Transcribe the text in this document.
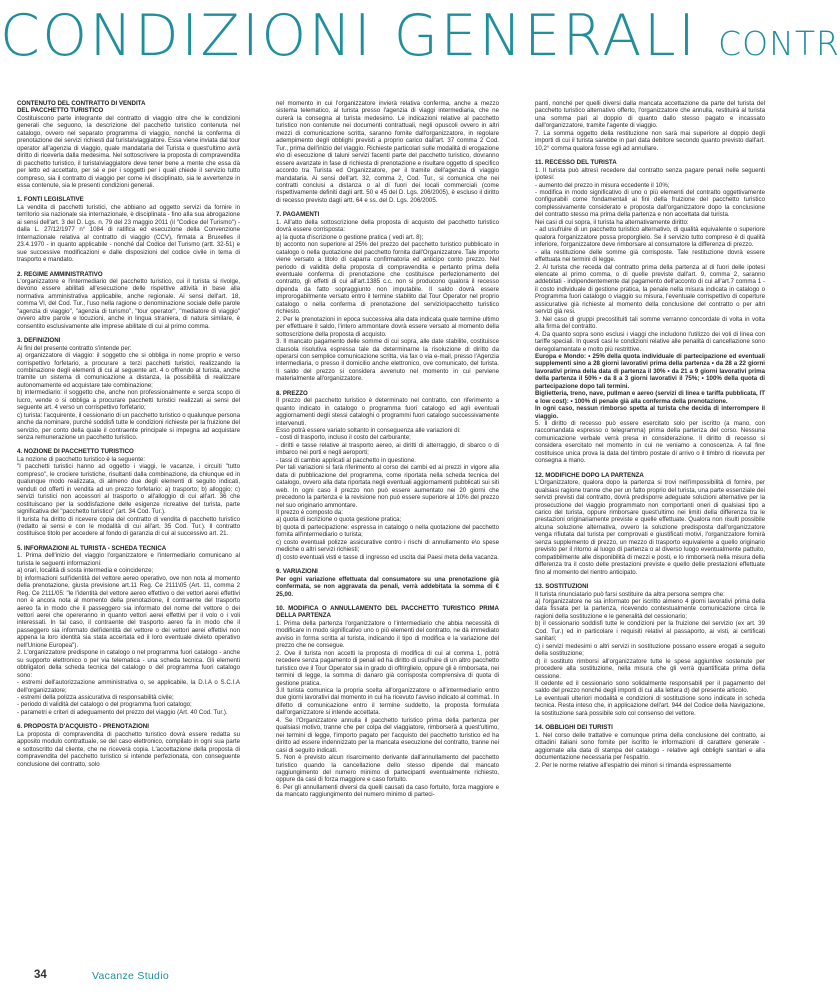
CONDIZIONI GENERALI CONTR
CONTENUTO DEL CONTRATTO DI VENDITA
DEL PACCHETTO TURISTICO
Costituiscono parte integrante del contratto di viaggio oltre che le condizioni generali che seguono, la descrizione del pacchetto turistico contenuta nel catalogo, ovvero nel separato programma di viaggio, nonché la conferma di prenotazione dei servizi richiesti dal turista\viaggiatore. Essa viene inviata dal tour operator all'agenzia di viaggio, quale mandataria del Turista e quest'ultimo avrà diritto di riceverla dalla medesima. Nel sottoscrivere la proposta di compravendita di pacchetto turistico, il turista\viaggiatore deve tener bene a mente che essa dà per letto ed accettato, per sé e per i soggetti per i quali chiede il servizio tutto compreso, sia il contratto di viaggio per come ivi disciplinato, sia le avvertenze in essa contenute, sia le presenti condizioni generali.
1. FONTI LEGISLATIVE
La vendita di pacchetti turistici, che abbiano ad oggetto servizi da fornire in territorio sia nazionale sia internazionale, è disciplinata - fino alla sua abrogazione ai sensi dell'art. 3 del D. Lgs. n. 79 del 23 maggio 2011 (il "Codice del Turismo") - dalla L. 27/12/1977 n° 1084 di ratifica ed esecuzione della Convenzione Internazionale relativa al contratto di viaggio (CCV), firmata a Bruxelles il 23.4.1970 - in quanto applicabile - nonché dal Codice del Turismo (artt. 32-51) e sue successive modificazioni e dalle disposizioni del codice civile in tema di trasporto e mandato.
2. REGIME AMMINISTRATIVO
L'organizzatore e l'intermediario del pacchetto turistico, cui il turista si rivolge, devono essere abilitati all'esecuzione delle rispettive attività in base alla normativa amministrativa applicabile, anche regionale. Ai sensi dell'art. 18, comma VI, del Cod. Tur., l'uso nella ragione o denominazione sociale delle parole "agenzia di viaggio", "agenzia di turismo", "tour operator", "mediatore di viaggio" ovvero altre parole e locuzioni, anche in lingua straniera, di natura similare, è consentito esclusivamente alle imprese abilitate di cui al primo comma.
3. DEFINIZIONI
Ai fini del presente contratto s'intende per:
a) organizzatore di viaggio: il soggetto che si obbliga in nome proprio e verso corrispettivo forfetario, a procurare a terzi pacchetti turistici, realizzando la combinazione degli elementi di cui al seguente art. 4 o offrendo al turista, anche tramite un sistema di comunicazione a distanza, la possibilità di realizzare autonomamente ed acquistare tale combinazione;
b) intermediario: il soggetto che, anche non professionalmente e senza scopo di lucro, vende o si obbliga a procurare pacchetti turistici realizzati ai sensi del seguente art. 4 verso un corrispettivo forfetario;
c) turista: l'acquirente, il cessionario di un pacchetto turistico o qualunque persona anche da nominare, purché soddisfi tutte le condizioni richieste per la fruizione del servizio, per conto della quale il contraente principale si impegna ad acquistare senza remunerazione un pacchetto turistico.
4. NOZIONE DI PACCHETTO TURISTICO
La nozione di pacchetto turistico è la seguente:
"I pacchetti turistici hanno ad oggetto i viaggi, le vacanze, i circuiti "tutto compreso", le crociere turistiche, risultanti dalla combinazione, da chiunque ed in qualunque modo realizzata, di almeno due degli elementi di seguito indicati, venduti od offerti in vendita ad un prezzo forfetario: a) trasporto; b) alloggio; c) servizi turistici non accessori al trasporto o all'alloggio di cui all'art. 36 che costituiscano per la soddisfazione delle esigenze ricreative del turista, parte significativa del "pacchetto turistico" (art. 34 Cod. Tur.).
Il turista ha diritto di ricevere copia del contratto di vendita di pacchetto turistico (redatto ai sensi e con le modalità di cui all'art. 35 Cod. Tur.). Il contratto costituisce titolo per accedere al fondo di garanzia di cui al successivo art. 21.
5. INFORMAZIONI AL TURISTA - SCHEDA TECNICA
1. Prima dell'inizio del viaggio l'organizzatore e l'intermediario comunicano al turista le seguenti informazioni:
a) orari, località di sosta intermedia e coincidenze;
b) informazioni sull'identità del vettore aereo operativo, ove non nota al momento della prenotazione, giusta previsione art.11 Reg. Ce 2111\05 (Art. 11, comma 2 Reg. Ce 2111/05: "le l'identità del vettore aereo effettivo o dei vettori aerei effettivi non è ancora nota al momento della prenotazione, il contraente del trasporto aereo fa in modo che il passeggero sia informato del nome del vettore o dei vettori aerei che opereranno in quanto vettori aerei effettivi per il volo o i voli interessati. In tal caso, il contraente del trasporto aereo fa in modo che il passeggero sia informato dell'identità del vettore o dei vettori aerei effettivi non appena la loro identità sia stata accertata ed il loro eventuale divieto operativo nell'Unione Europea").
2. L'organizzatore predispone in catalogo o nel programma fuori catalogo - anche su supporto elettronico o per via telematica - una scheda tecnica. Gli elementi obbligatori della scheda tecnica del catalogo o del programma fuori catalogo sono:
- estremi dell'autorizzazione amministrativa o, se applicabile, la D.I.A o S.C.I.A dell'organizzatore;
- estremi della polizza assicurativa di responsabilità civile;
- periodo di validità del catalogo o del programma fuori catalogo;
- parametri e criteri di adeguamento del prezzo del viaggio (Art. 40 Cod. Tur.).
6. PROPOSTA D'ACQUISTO - PRENOTAZIONI
La proposta di compravendita di pacchetto turistico dovrà essere redatta su apposito modulo contrattuale, se del caso elettronico, compilato in ogni sua parte e sottoscritto dal cliente, che ne riceverà copia. L'accettazione della proposta di compravendita del pacchetto turistico si intende perfezionata, con conseguente conclusione del contratto, solo
nel momento in cui l'organizzatore invierà relativa conferma, anche a mezzo sistema telematico, al turista presso l'agenzia di viaggi intermediaria, che ne curerà la consegna al turista medesimo. Le indicazioni relative al pacchetto turistico non contenute nei documenti contrattuali, negli opuscoli ovvero in altri mezzi di comunicazione scritta, saranno fornite dall'organizzatore, in regolare adempimento degli obblighi previsti a proprio carico dall'art. 37 comma 2 Cod. Tur., prima dell'inizio del viaggio. Richieste particolari sulle modalità di erogazione e\o di esecuzione di taluni servizi facenti parte del pacchetto turistico, dovranno essere avanzate in fase di richiesta di prenotazione e risultare oggetto di specifico accordo tra Turista ed Organizzatore, per il tramite dell'agenzia di viaggio mandataria. Ai sensi dell'art. 32, comma 2, Cod. Tur., si comunica che nei contratti conclusi a distanza o al di fuori dei locali commerciali (come rispettivamente definiti dagli artt. 50 e 45 del D. Lgs. 206/2005), è escluso il diritto di recesso previsto dagli artt. 64 e ss. del D. Lgs. 206/2005.
7. PAGAMENTI
1. All'atto della sottoscrizione della proposta di acquisto del pacchetto turistico dovrà essere corrisposta:
a) la quota d'iscrizione o gestione pratica ( vedi art. 8);
b) acconto non superiore al 25% del prezzo del pacchetto turistico pubblicato in catalogo o nella quotazione del pacchetto fornita dall'Organizzatore. Tale importo viene versato a titolo di caparra confirmatoria ed anticipo conto prezzo. Nel periodo di validità della proposta di compravendita e pertanto prima della eventuale conferma di prenotazione che costituisce perfezionamento del contratto, gli effetti di cui all'art.1385 c.c. non si producono qualora il recesso dipenda da fatto sopraggiunto non imputabile. Il saldo dovrà essere improrogabilmente versato entro il termine stabilito dal Tour Operator nel proprio catalogo o nella conferma di prenotazione del servizio\pacchetto turistico richiesto.
2. Per le prenotazioni in epoca successiva alla data indicata quale termine ultimo per effettuare il saldo, l'intero ammontare dovrà essere versato al momento della sottoscrizione della proposta di acquisto.
3. Il mancato pagamento delle somme di cui sopra, alle date stabilite, costituisce clausola risolutiva espressa tale da determinarne la risoluzione di diritto da operarsi con semplice comunicazione scritta, via fax o via e-mail, presso l'Agenzia intermediaria, o presso il domicilio anche elettronico, ove comunicato, del turista. Il saldo del prezzo si considera avvenuto nel momento in cui perviene materialmente all'organizzatore.
8. PREZZO
Il prezzo del pacchetto turistico è determinato nel contratto, con riferimento a quanto indicato in catalogo o programma fuori catalogo ed agli eventuali aggiornamenti degli stessi cataloghi o programmi fuori catalogo successivamente intervenuti.
Esso potrà essere variato soltanto in conseguenza alle variazioni di:
- costi di trasporto, incluso il costo del carburante;
- diritti e tasse relative al trasporto aereo, ai diritti di atterraggio, di sbarco o di imbarco nei porti e negli aeroporti;
- tassi di cambio applicati al pacchetto in questione.
Per tali variazioni si farà riferimento al corso dei cambi ed ai prezzi in vigore alla data di pubblicazione del programma, come riportata nella scheda tecnica del catalogo, ovvero alla data riportata negli eventuali aggiornamenti pubblicati sui siti web. In ogni caso il prezzo non può essere aumentato nei 20 giorni che precedono la partenza e la revisione non può essere superiore al 10% del prezzo nel suo originario ammontare.
Il prezzo è composto da:
a) quota di iscrizione o quota gestione pratica;
b) quota di partecipazione: espressa in catalogo o nella quotazione del pacchetto fornita all'intermediario o turista;
c) costo eventuali polizze assicurative contro i rischi di annullamento e\o spese mediche o altri servizi richiesti;
d) costo eventuali visti e tasse di ingresso ed uscita dai Paesi meta della vacanza.
9. VARIAZIONI
Per ogni variazione effettuata dal consumatore su una prenotazione già confermata, se non aggravata da penali, verrà addebitata la somma di € 25,00.
10. MODIFICA O ANNULLAMENTO DEL PACCHETTO TURISTICO PRIMA DELLA PARTENZA
1. Prima della partenza l'organizzatore o l'intermediario che abbia necessità di modificare in modo significativo uno o più elementi del contratto, ne dà immediato avviso in forma scritta al turista, indicando il tipo di modifica e la variazione del prezzo che ne consegue.
2. Ove il turista non accetti la proposta di modifica di cui al comma 1, potrà recedere senza pagamento di penali ed ha diritto di usufruire di un altro pacchetto turistico ove il Tour Operator sia in grado di offrirglielo, oppure gli è rimborsata, nei termini di legge, la somma di danaro già corrisposta comprensiva di quota di gestione pratica.
3.Il turista comunica la propria scelta all'organizzatore o all'intermediario entro due giorni lavorativi dal momento in cui ha ricevuto l'avviso indicato al comma1. In difetto di comunicazione entro il termine suddetto, la proposta formulata dall'organizzatore si intende accettata.
4. Se l'Organizzatore annulla il pacchetto turistico prima della partenza per qualsiasi motivo, tranne che per colpa del viaggiatore, rimborserà a quest'ultimo, nei termini di legge, l'importo pagato per l'acquisto del pacchetto turistico ed ha diritto ad essere indennizzato per la mancata esecuzione del contratto, tranne nei casi di seguito indicati.
5. Non è previsto alcun risarcimento derivante dall'annullamento del pacchetto turistico quando la cancellazione dello stesso dipende dal mancato raggiungimento del numero minimo di partecipanti eventualmente richiesto, oppure da casi di forza maggiore e caso fortuito.
6. Per gli annullamenti diversi da quelli causati da caso fortuito, forza maggiore e da mancato raggiungimento del numero minimo di parteci-
panti, nonché per quelli diversi dalla mancata accettazione da parte del turista del pacchetto turistico alternativo offerto, l'organizzatore che annulla, restituirà al turista una somma pari al doppio di quanto dallo stesso pagato e incassato dall'organizzatore, tramite l'agente di viaggio.
7. La somma oggetto della restituzione non sarà mai superiore al doppio degli importi di cui il turista sarebbe in pari data debitore secondo quanto previsto dall'art. 10,2° comma qualora fosse egli ad annullare.
11. RECESSO DEL TURISTA
1. Il turista può altresì recedere dal contratto senza pagare penali nelle seguenti ipotesi:
- aumento del prezzo in misura eccedente il 10%;
- modifica in modo significativo di uno o più elementi del contratto oggettivamente configurabili come fondamentali ai fini della fruizione del pacchetto turistico complessivamente considerato e proposta dall'organizzatore dopo la conclusione del contratto stesso ma prima della partenza e non accettata dal turista.
Nei casi di cui sopra, il turista ha alternativamente diritto:
- ad usufruire di un pacchetto turistico alternativo, di qualità equivalente o superiore qualora l'organizzatore possa proporglielo. Se il servizio tutto compreso è di qualità inferiore, l'organizzatore deve rimborsare al consumatore la differenza di prezzo.
- alla restituzione delle somme già corrisposte. Tale restituzione dovrà essere effettuata nei termini di legge.
2. Al turista che receda dal contratto prima della partenza al di fuori delle ipotesi elencate al primo comma, o di quelle previste dall'art. 9, comma 2, saranno addebitati - indipendentemente dal pagamento dell'acconto di cui all'art.7 comma 1 - il costo individuale di gestione pratica, la penale nella misura indicata in catalogo o Programma fuori catalogo o viaggio su misura, l'eventuale corrispettivo di coperture assicurative già richieste al momento della conclusione del contratto o per altri servizi già resi.
3. Nel caso di gruppi precostituiti tali somme verranno concordate di volta in volta alla firma del contratto.
4. Da quanto sopra sono esclusi i viaggi che includono l'utilizzo dei voli di linea con tariffe speciali. In questi casi le condizioni relative alle penalità di cancellazione sono deregolamentate e molto più restrittive.
Europa e Mondo: • 25% della quota individuale di partecipazione ed eventuali supplementi sino a 28 giorni lavorativi prima della partenza • da 28 a 22 giorni lavorativi prima della data di partenza il 30% • da 21 a 9 giorni lavorativi prima della partenza il 50% • da 8 a 3 giorni lavorativi il 75%; • 100% della quota di partecipazione dopo tali termini.
Biglietteria, treno, nave, pullman e aereo (servizi di linea e tariffa pubblicata, IT e low cost): • 100% di penale già alla conferma della prenotazione.
In ogni caso, nessun rimborso spetta al turista che decida di interrompere il viaggio.
5. Il diritto di recesso può essere esercitato solo per iscritto (a mano, con raccomandata espresso o telegramma) prima della partenza del corso. Nessuna comunicazione verbale verrà presa in considerazione. Il diritto di recesso si considera esercitato nel momento in cui ne veniamo a conoscenza. A tal fine costituisce unica prova la data del timbro postale di arrivo o il timbro di ricevuta per consegna a mano.
12. MODIFICHE DOPO LA PARTENZA
L'Organizzatore, qualora dopo la partenza si trovi nell'impossibilità di fornire, per qualsiasi ragione tranne che per un fatto proprio del turista, una parte essenziale dei servizi previsti dal contratto, dovrà predisporre adeguate soluzioni alternative per la prosecuzione del viaggio programmato non comportanti oneri di qualsiasi tipo a carico del turista, oppure rimborsare quest'ultimo nei limiti della differenza tra le prestazioni originariamente previste e quelle effettuate. Qualora non risulti possibile alcuna soluzione alternativa, ovvero la soluzione predisposta dall'organizzatore venga rifiutata dal turista per comprovati e giustificati motivi, l'organizzatore fornirà senza supplemento di prezzo, un mezzo di trasporto equivalente a quello originario previsto per il ritorno al luogo di partenza o al diverso luogo eventualmente pattuito, compatibilmente alle disponibilità di mezzi e posti, e lo rimborserà nella misura della differenza tra il costo delle prestazioni previste e quello delle prestazioni effettuate fino al momento del rientro anticipato.
13. SOSTITUZIONI
Il turista rinunciatario può farsi sostituire da altra persona sempre che:
a) l'organizzatore ne sia informato per iscritto almeno 4 giorni lavorativi prima della data fissata per la partenza, ricevendo contestualmente comunicazione circa le ragioni della sostituzione e le generalità del cessionario;
b) il cessionario soddisfi tutte le condizioni per la fruizione del servizio (ex art. 39 Cod. Tur.) ed in particolare i requisiti relativi al passaporto, ai visti, ai certificati sanitari;
c) i servizi medesimi o altri servizi in sostituzione possano essere erogati a seguito della sostituzione;
d) il sostituto rimborsi all'organizzatore tutte le spese aggiuntive sostenute per procedere alla sostituzione, nella misura che gli verrà quantificata prima della cessione.
Il cedente ed il cessionario sono solidalmente responsabili per il pagamento del saldo del prezzo nonché degli importi di cui alla lettera d) del presente articolo.
Le eventuali ulteriori modalità e condizioni di sostituzione sono indicate in scheda tecnica. Resta inteso che, in applicazione dell'art. 944 del Codice della Navigazione, la sostituzione sarà possibile solo col consenso del vettore.
14. OBBLIGHI DEI TURISTI
1. Nel corso delle trattative e comunque prima della conclusione del contratto, ai cittadini italiani sono fornite per iscritto le informazioni di carattere generale - aggiornate alla data di stampa del catalogo - relative agli obblighi sanitari e alla documentazione necessaria per l'espatrio.
2. Per le norme relative all'espatrio dei minori si rimanda espressamente
34	Vacanze Studio
